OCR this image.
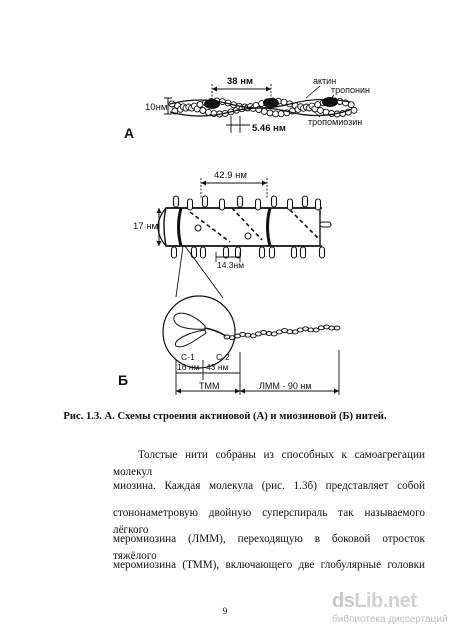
10нм
38 нм
5.46 нм
актин
тропонин
тропомиозин
A
42.9 нм
17 нм
14.3нм
С-1	С-2
16 нм 43 нм
ТММ	ЛММ - 90 нм
Б
Рис. 1.3. А. Схемы строения актиновой (А) и миозиновой (Б) нитей.
Толстые нити собраны из способных к самоагрегации молекул
миозина. Каждая молекула (рис. 1.3б) представляет собой
стононаметровую двойную суперспираль так называемого лёгкого
меромиозина (ЛММ), переходящую в боковой отросток тяжёлого
меромиозина (ТММ), включающего две глобулярные головки
9	dsLib.net
библиотека диссертаций
